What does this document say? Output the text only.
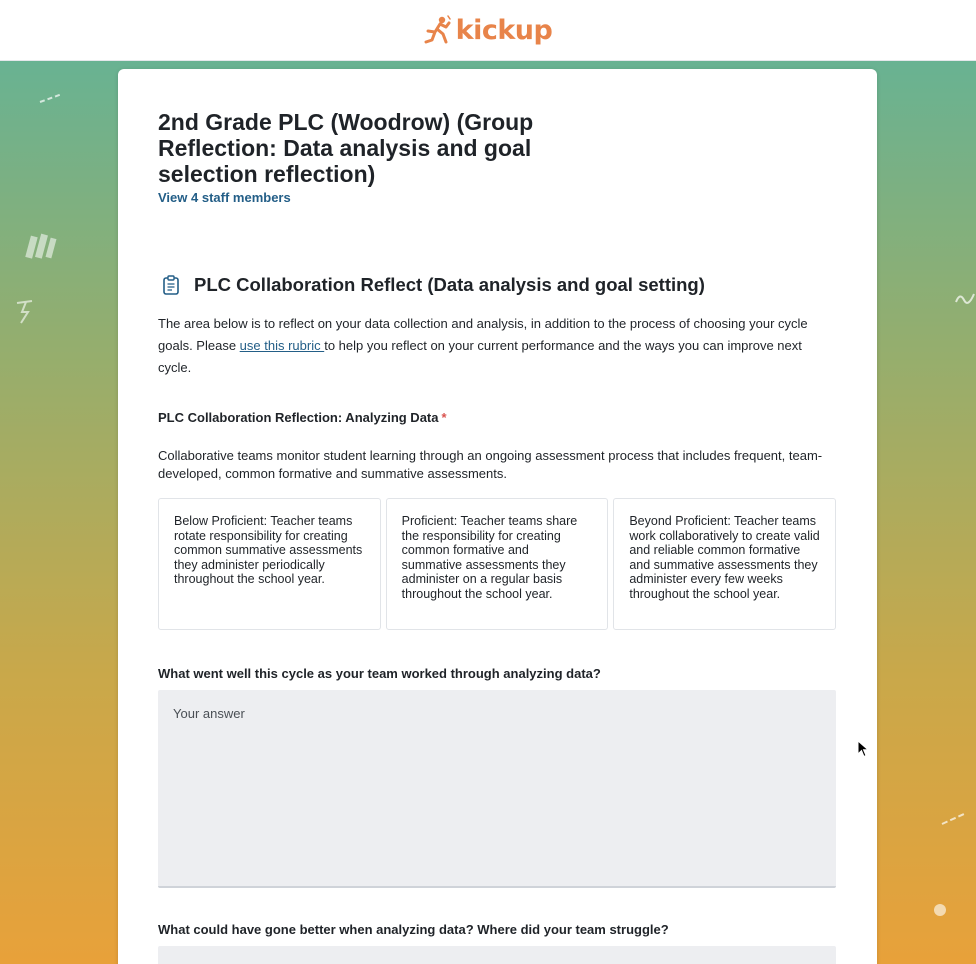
kickup
2nd Grade PLC (Woodrow) (Group Reflection: Data analysis and goal selection reflection)
View 4 staff members
PLC Collaboration Reflect (Data analysis and goal setting)

The area below is to reflect on your data collection and analysis, in addition to the process of choosing your cycle goals. Please use this rubric to help you reflect on your current performance and the ways you can improve next cycle.

PLC Collaboration Reflection: Analyzing Data *

Collaborative teams monitor student learning through an ongoing assessment process that includes frequent, team-developed, common formative and summative assessments.

Below Proficient: Teacher teams rotate responsibility for creating common summative assessments they administer periodically throughout the school year.
Proficient: Teacher teams share the responsibility for creating common formative and summative assessments they administer on a regular basis throughout the school year.
Beyond Proficient: Teacher teams work collaboratively to create valid and reliable common formative and summative assessments they administer every few weeks throughout the school year.
What went well this cycle as your team worked through analyzing data?
Your answer
What could have gone better when analyzing data? Where did your team struggle?
